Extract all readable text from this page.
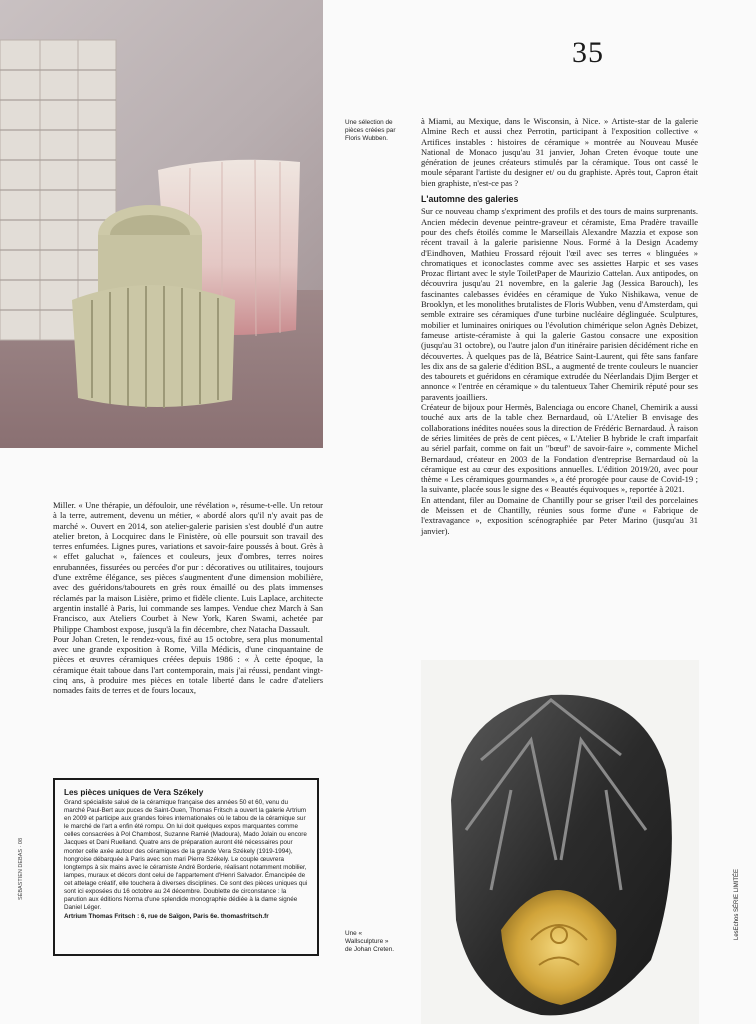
35
Une sélection de pièces créées par Floris Wubben.

à Miami, au Mexique, dans le Wisconsin, à Nice. » Artiste-star de la galerie Almine Rech et aussi chez Perrotin, participant à l'exposition collective « Artifices instables : histoires de céramique » montrée au Nouveau Musée National de Monaco jusqu'au 31 janvier, Johan Creten évoque toute une génération de jeunes créateurs stimulés par la céramique. Tous ont cassé le moule séparant l'artiste du designer et/ ou du graphiste. Après tout, Capron était bien graphiste, n'est-ce pas ?

L'automne des galeries

Sur ce nouveau champ s'expriment des profils et des tours de mains surprenants. Ancien médecin devenue peintre-graveur et céramiste, Ema Pradère travaille pour des chefs étoilés comme le Marseillais Alexandre Mazzia et expose son récent travail à la galerie parisienne Nous. Formé à la Design Academy d'Eindhoven, Mathieu Frossard réjouit l'œil avec ses terres « blinguées » chromatiques et iconoclastes comme avec ses assiettes Harpic et ses vases Prozac flirtant avec le style ToiletPaper de Maurizio Cattelan. Aux antipodes, on découvrira jusqu'au 21 novembre, en la galerie Jag (Jessica Barouch), les fascinantes calebasses évidées en céramique de Yuko Nishikawa, venue de Brooklyn, et les monolithes brutalistes de Floris Wubben, venu d'Amsterdam, qui semble extraire ses céramiques d'une turbine nucléaire déglinguée. Sculptures, mobilier et luminaires oniriques ou l'évolution chimérique selon Agnès Debizet, fameuse artiste-céramiste à qui la galerie Gastou consacre une exposition (jusqu'au 31 octobre), ou l'autre jalon d'un itinéraire parisien décidément riche en découvertes. À quelques pas de là, Béatrice Saint-Laurent, qui fête sans fanfare les dix ans de sa galerie d'édition BSL, a augmenté de trente couleurs le nuancier des tabourets et guéridons en céramique extrudée du Néerlandais Djim Berger et annonce « l'entrée en céramique » du talentueux Taher Chemirik réputé pour ses paravents joailliers.

Créateur de bijoux pour Hermès, Balenciaga ou encore Chanel, Chemirik a aussi touché aux arts de la table chez Bernardaud, où L'Atelier B envisage des collaborations inédites nouées sous la direction de Frédéric Bernardaud. À raison de séries limitées de près de cent pièces, « L'Atelier B hybride le craft imparfait au sériel parfait, comme on fait un "bœuf" de savoir-faire », commente Michel Bernardaud, créateur en 2003 de la Fondation d'entreprise Bernardaud où la céramique est au cœur des expositions annuelles. L'édition 2019/20, avec pour thème « Les céramiques gourmandes », a été prorogée pour cause de Covid-19 ; la suivante, placée sous le signe des « Beautés équivoques », reportée à 2021.

En attendant, filer au Domaine de Chantilly pour se griser l'œil des porcelaines de Meissen et de Chantilly, réunies sous forme d'une « Fabrique de l'extravagance », exposition scénographiée par Peter Marino (jusqu'au 31 janvier).

Miller. « Une thérapie, un défouloir, une révélation », résume-t-elle. Un retour à la terre, autrement, devenu un métier, « abordé alors qu'il n'y avait pas de marché ». Ouvert en 2014, son atelier-galerie parisien s'est doublé d'un autre atelier breton, à Locquirec dans le Finistère, où elle poursuit son travail des terres enfumées. Lignes pures, variations et savoir-faire poussés à bout. Grès à « effet galuchat », faïences et couleurs, jeux d'ombres, terres noires enrubannées, fissurées ou percées d'or pur : décoratives ou utilitaires, toujours d'une extrême élégance, ses pièces s'augmentent d'une dimension mobilière, avec des guéridons/tabourets en grès roux émaillé ou des plats immenses réclamés par la maison Lisière, primo et fidèle cliente. Luis Laplace, architecte argentin installé à Paris, lui commande ses lampes. Vendue chez March à San Francisco, aux Ateliers Courbet à New York, Karen Swami, achetée par Philippe Chambost expose, jusqu'à la fin décembre, chez Natacha Dassault.

Pour Johan Creten, le rendez-vous, fixé au 15 octobre, sera plus monumental avec une grande exposition à Rome, Villa Médicis, d'une cinquantaine de pièces et œuvres céramiques créées depuis 1986 : « À cette époque, la céramique était taboue dans l'art contemporain, mais j'ai réussi, pendant vingt-cinq ans, à produire mes pièces en totale liberté dans le cadre d'ateliers nomades faits de terres et de fours locaux,

Les pièces uniques de Vera Székely
Grand spécialiste salué de la céramique française des années 50 et 60, venu du marché Paul-Bert aux puces de Saint-Ouen, Thomas Fritsch a ouvert la galerie Artrium en 2009 et participe aux grandes foires internationales où le tabou de la céramique sur le marché de l'art a enfin été rompu. On lui doit quelques expos marquantes comme celles consacrées à Pol Chambost, Suzanne Ramié (Madoura), Mado Jolain ou encore Jacques et Dani Ruelland. Quatre ans de préparation auront été nécessaires pour monter celle axée autour des céramiques de la grande Vera Székely (1919-1994), hongroise débarquée à Paris avec son mari Pierre Székely. Le couple œuvrera longtemps à six mains avec le céramiste André Borderie, réalisant notamment mobilier, lampes, muraux et décors dont celui de l'appartement d'Henri Salvador. Émancipée de cet attelage créatif, elle touchera à diverses disciplines. Ce sont des pièces uniques qui sont ici exposées du 16 octobre au 24 décembre. Doublette de circonstance : la parution aux éditions Norma d'une splendide monographie dédiée à la dame signée Daniel Léger.
Artrium Thomas Fritsch : 6, rue de Saïgon, Paris 6e. thomasfritsch.fr
SÉBASTIEN DEBAS · 08	LesEchos SÉRIE LIMITÉE
Une « Wallsculpture » de Johan Creten.
